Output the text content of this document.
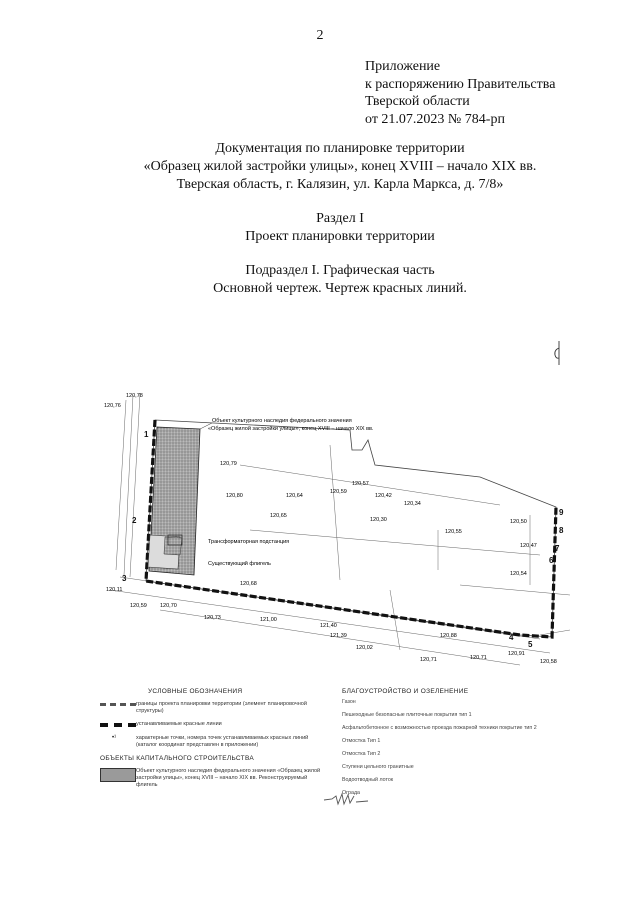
2
Приложение
к распоряжению Правительства
Тверской области
от 21.07.2023 № 784-рп
Документация по планировке территории
«Образец жилой застройки улицы», конец XVIII – начало XIX вв.
Тверская область, г. Калязин, ул. Карла Маркса, д. 7/8»
Раздел I
Проект планировки территории
Подраздел I. Графическая часть
Основной чертеж. Чертеж красных линий.
Объект культурного наследия федерального значения
«Образец жилой застройки улицы», конец XVIII – начало XIX вв.
Трансформаторная подстанция
Существующий флигель
1
2
3
4
5
6
7
8
9
120,78
120,76
120,79
120,80	120,64
120,59
120,57
120,42
120,34
120,65
120,30
120,55
120,50
120,47
120,54
120,68
120,59 120,70
121,00
121,40
121,39	120,88
120,02
120,71	120,71
120,91
120,58
120,11
120,73
УСЛОВНЫЕ ОБОЗНАЧЕНИЯ
границы проекта планировки территории (элемент планировочной структуры)
устанавливаемые красные линии
•¹	характерные точки, номера точек устанавливаемых красных линий (каталог координат представлен в приложении)
ОБЪЕКТЫ КАПИТАЛЬНОГО СТРОИТЕЛЬСТВА
Объект культурного наследия федерального значения «Образец жилой застройки улицы», конец XVIII – начало XIX вв. Реконструируемый флигель
БЛАГОУСТРОЙСТВО И ОЗЕЛЕНЕНИЕ
Газон
Пешеходные безопасные плиточные покрытия тип 1
Асфальтобетонное с возможностью проезда пожарной техники покрытие тип 2
Отмостка Тип 1
Отмостка Тип 2
Ступени цельного гранитные
Водоотводный лоток
Ограда
